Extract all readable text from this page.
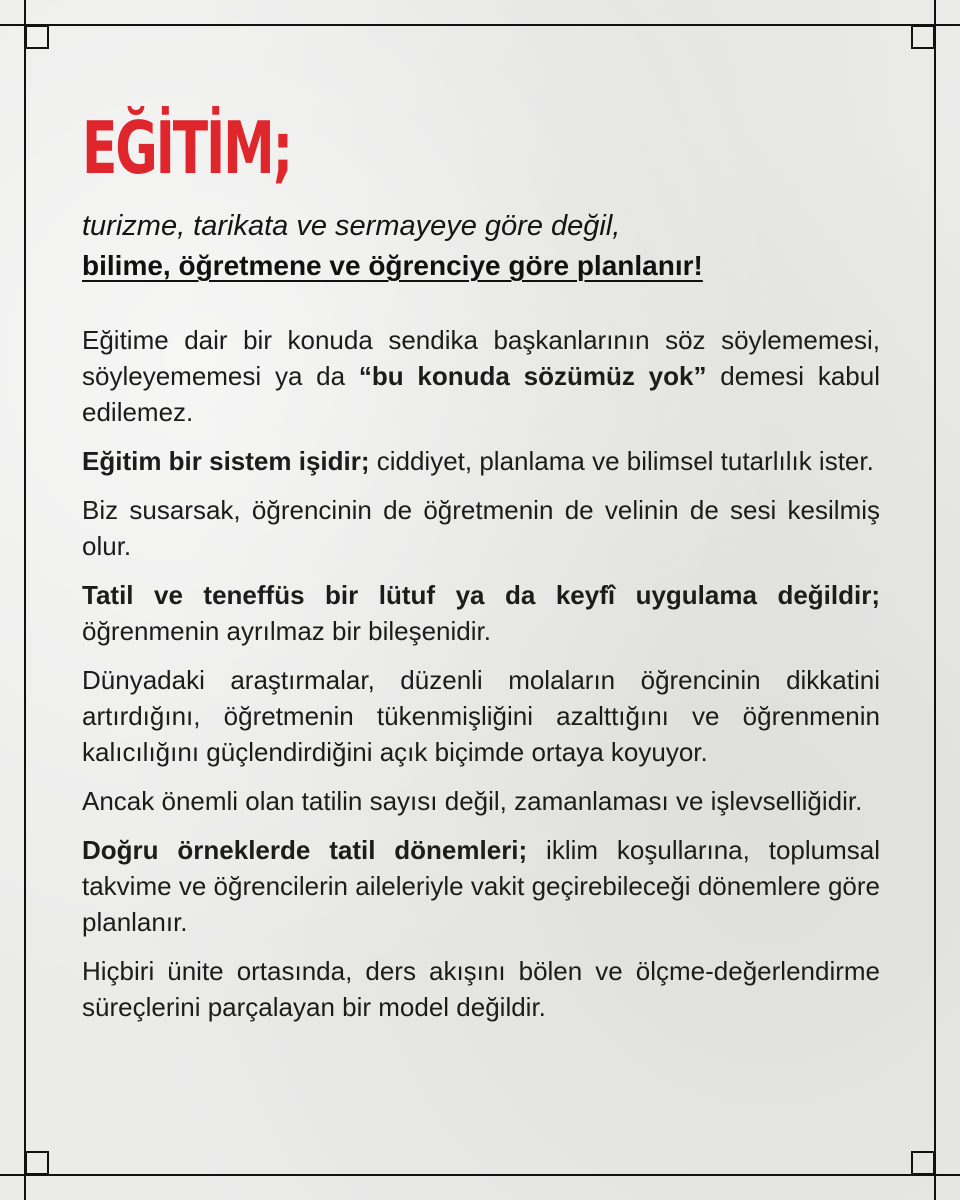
EĞİTİM;

turizme, tarikata ve sermayeye göre değil,

bilime, öğretmene ve öğrenciye göre planlanır!

Eğitime dair bir konuda sendika başkanlarının söz söylememesi, söyleyememesi ya da “bu konuda sözümüz yok” demesi kabul edilemez.

Eğitim bir sistem işidir; ciddiyet, planlama ve bilimsel tutarlılık ister.

Biz susarsak, öğrencinin de öğretmenin de velinin de sesi kesilmiş olur.

Tatil ve teneffüs bir lütuf ya da keyfî uygulama değildir; öğrenmenin ayrılmaz bir bileşenidir.

Dünyadaki araştırmalar, düzenli molaların öğrencinin dikkatini artırdığını, öğretmenin tükenmişliğini azalttığını ve öğrenmenin kalıcılığını güçlendirdiğini açık biçimde ortaya koyuyor.

Ancak önemli olan tatilin sayısı değil, zamanlaması ve işlevselliğidir.

Doğru örneklerde tatil dönemleri; iklim koşullarına, toplumsal takvime ve öğrencilerin aileleriyle vakit geçirebileceği dönemlere göre planlanır.

Hiçbiri ünite ortasında, ders akışını bölen ve ölçme-değerlendirme süreçlerini parçalayan bir model değildir.
